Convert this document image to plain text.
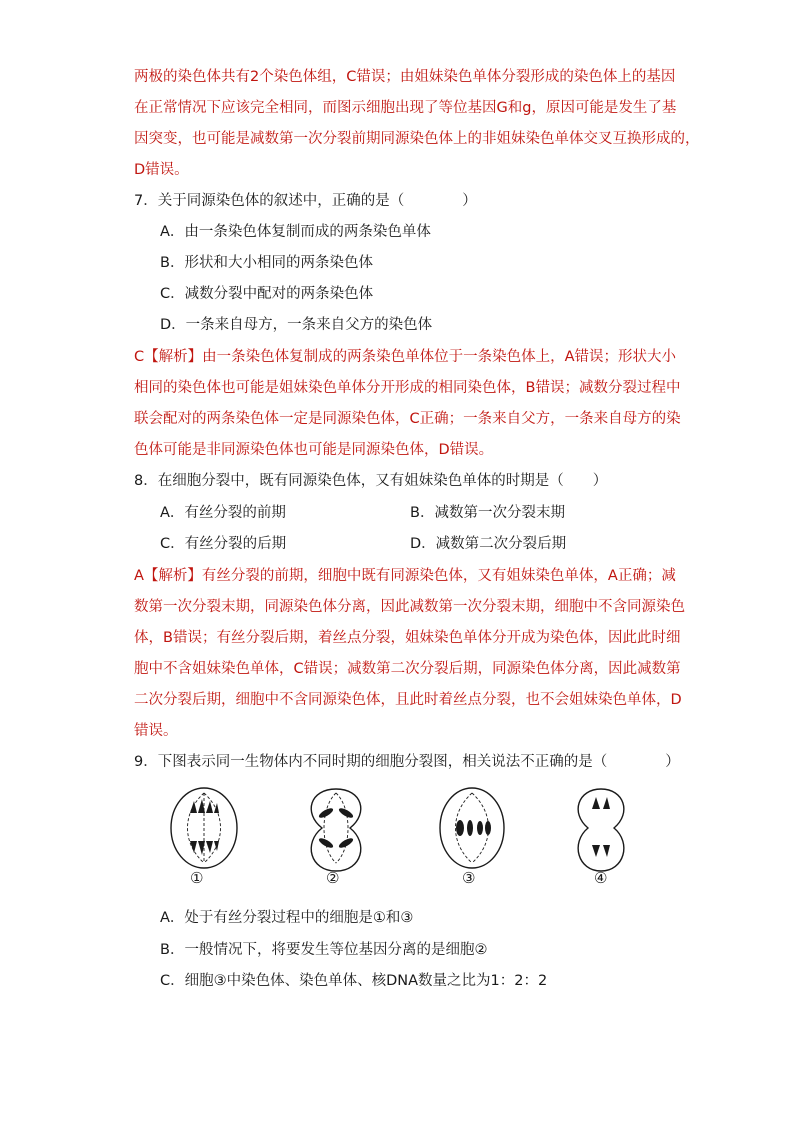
两极的染色体共有2个染色体组，C错误；由姐妹染色单体分裂形成的染色体上的基因
在正常情况下应该完全相同，而图示细胞出现了等位基因G和g，原因可能是发生了基
因突变，也可能是减数第一次分裂前期同源染色体上的非姐妹染色单体交叉互换形成的，
D错误。
7．关于同源染色体的叙述中，正确的是（　　　　）
A．由一条染色体复制而成的两条染色单体
B．形状和大小相同的两条染色体
C．减数分裂中配对的两条染色体
D．一条来自母方，一条来自父方的染色体
C【解析】由一条染色体复制成的两条染色单体位于一条染色体上，A错误；形状大小
相同的染色体也可能是姐妹染色单体分开形成的相同染色体，B错误；减数分裂过程中
联会配对的两条染色体一定是同源染色体，C正确；一条来自父方，一条来自母方的染
色体可能是非同源染色体也可能是同源染色体，D错误。
8．在细胞分裂中，既有同源染色体，又有姐妹染色单体的时期是（　　）
A．有丝分裂的前期	B．减数第一次分裂末期
C．有丝分裂的后期	D．减数第二次分裂后期
A【解析】有丝分裂的前期，细胞中既有同源染色体，又有姐妹染色单体，A正确；减
数第一次分裂末期，同源染色体分离，因此减数第一次分裂末期，细胞中不含同源染色
体，B错误；有丝分裂后期，着丝点分裂，姐妹染色单体分开成为染色体，因此此时细
胞中不含姐妹染色单体，C错误；减数第二次分裂后期，同源染色体分离，因此减数第
二次分裂后期，细胞中不含同源染色体，且此时着丝点分裂，也不会姐妹染色单体，D
错误。
9．下图表示同一生物体内不同时期的细胞分裂图，相关说法不正确的是（　　　　）
①	②	③	④
A．处于有丝分裂过程中的细胞是①和③
B．一般情况下，将要发生等位基因分离的是细胞②
C．细胞③中染色体、染色单体、核DNA数量之比为1：2：2
